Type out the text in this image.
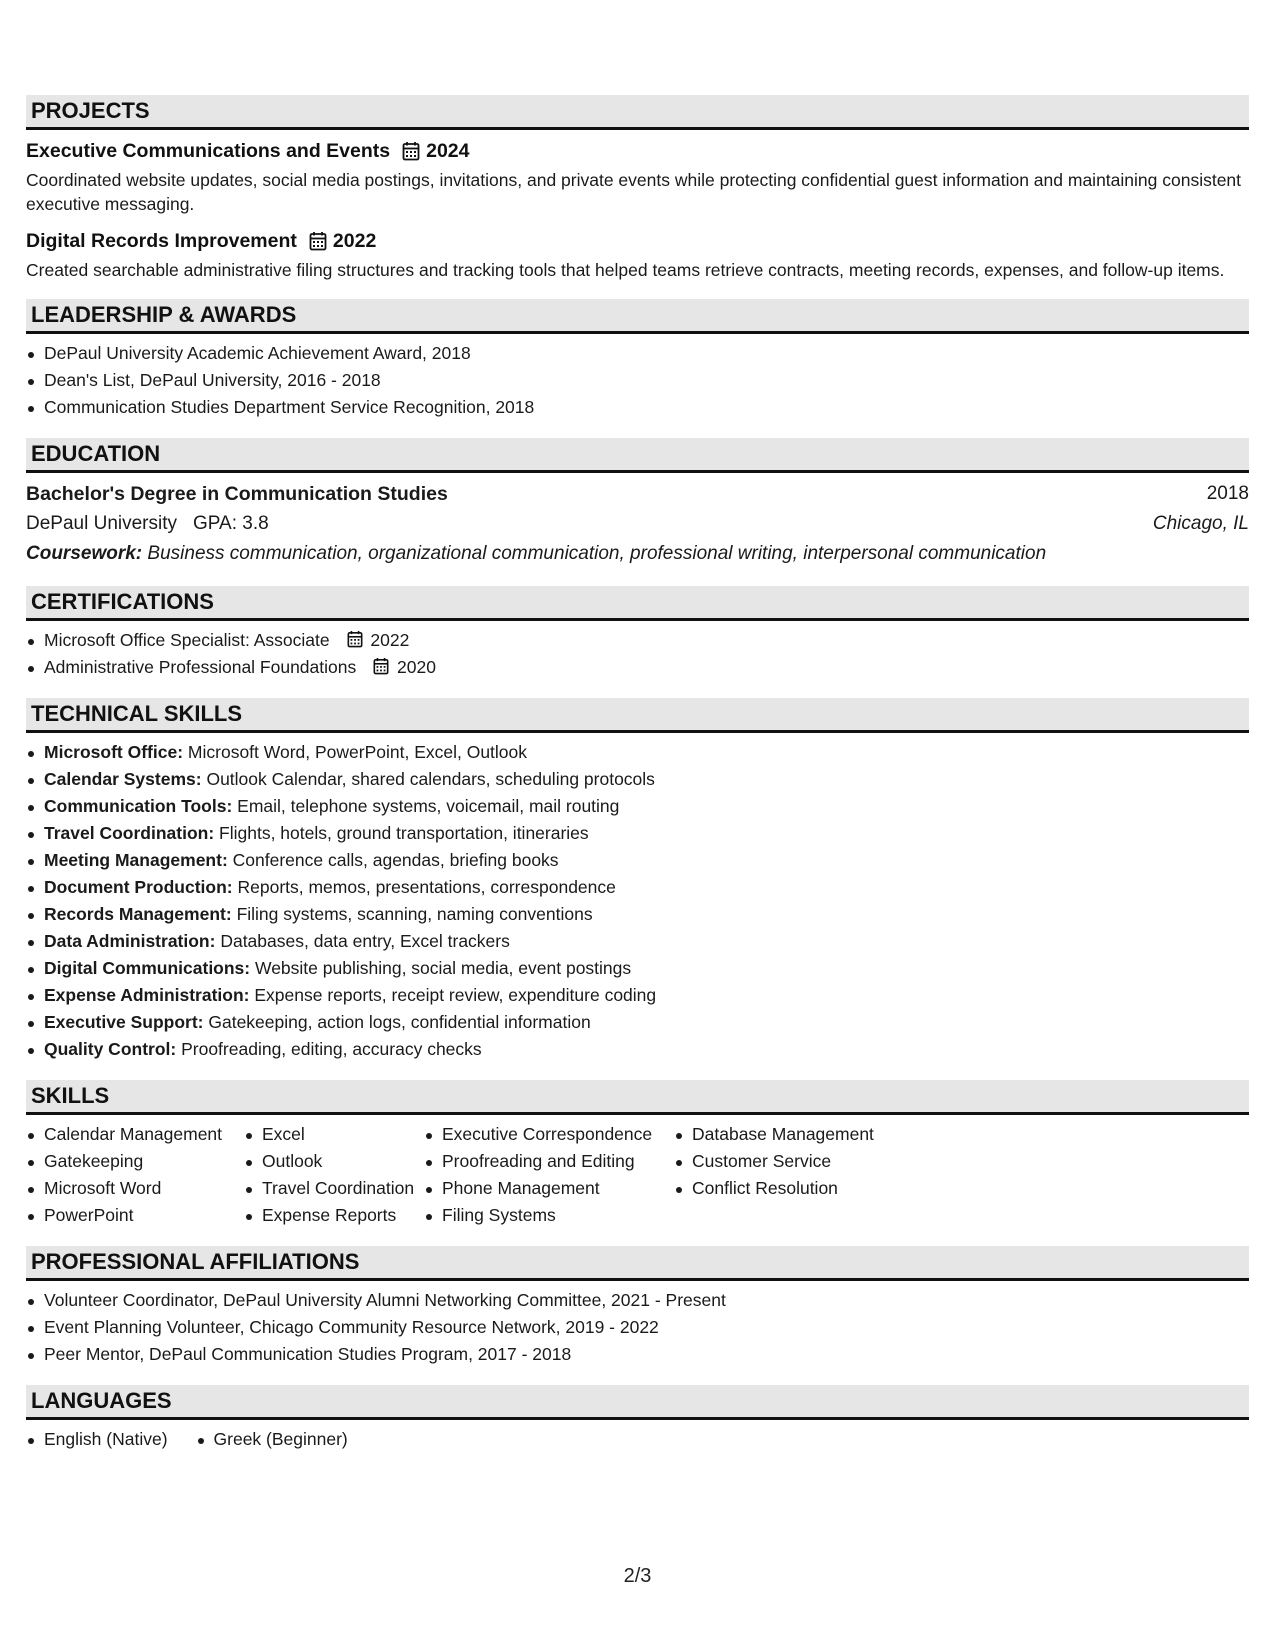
PROJECTS
Executive Communications and Events 2024
Coordinated website updates, social media postings, invitations, and private events while protecting confidential guest information and maintaining consistent executive messaging.
Digital Records Improvement 2022
Created searchable administrative filing structures and tracking tools that helped teams retrieve contracts, meeting records, expenses, and follow-up items.
LEADERSHIP & AWARDS
DePaul University Academic Achievement Award, 2018
Dean's List, DePaul University, 2016 - 2018
Communication Studies Department Service Recognition, 2018
EDUCATION
Bachelor's Degree in Communication Studies	2018
DePaul University GPA: 3.8	Chicago, IL
Coursework: Business communication, organizational communication, professional writing, interpersonal communication
CERTIFICATIONS
Microsoft Office Specialist: Associate 2022
Administrative Professional Foundations 2020
TECHNICAL SKILLS
Microsoft Office: Microsoft Word, PowerPoint, Excel, Outlook
Calendar Systems: Outlook Calendar, shared calendars, scheduling protocols
Communication Tools: Email, telephone systems, voicemail, mail routing
Travel Coordination: Flights, hotels, ground transportation, itineraries
Meeting Management: Conference calls, agendas, briefing books
Document Production: Reports, memos, presentations, correspondence
Records Management: Filing systems, scanning, naming conventions
Data Administration: Databases, data entry, Excel trackers
Digital Communications: Website publishing, social media, event postings
Expense Administration: Expense reports, receipt review, expenditure coding
Executive Support: Gatekeeping, action logs, confidential information
Quality Control: Proofreading, editing, accuracy checks
SKILLS
Calendar Management
Gatekeeping
Microsoft Word
PowerPoint
Excel
Outlook
Travel Coordination
Expense Reports
Executive Correspondence
Proofreading and Editing
Phone Management
Filing Systems
Database Management
Customer Service
Conflict Resolution
PROFESSIONAL AFFILIATIONS
Volunteer Coordinator, DePaul University Alumni Networking Committee, 2021 - Present
Event Planning Volunteer, Chicago Community Resource Network, 2019 - 2022
Peer Mentor, DePaul Communication Studies Program, 2017 - 2018
LANGUAGES
English (Native)	Greek (Beginner)
2/3
